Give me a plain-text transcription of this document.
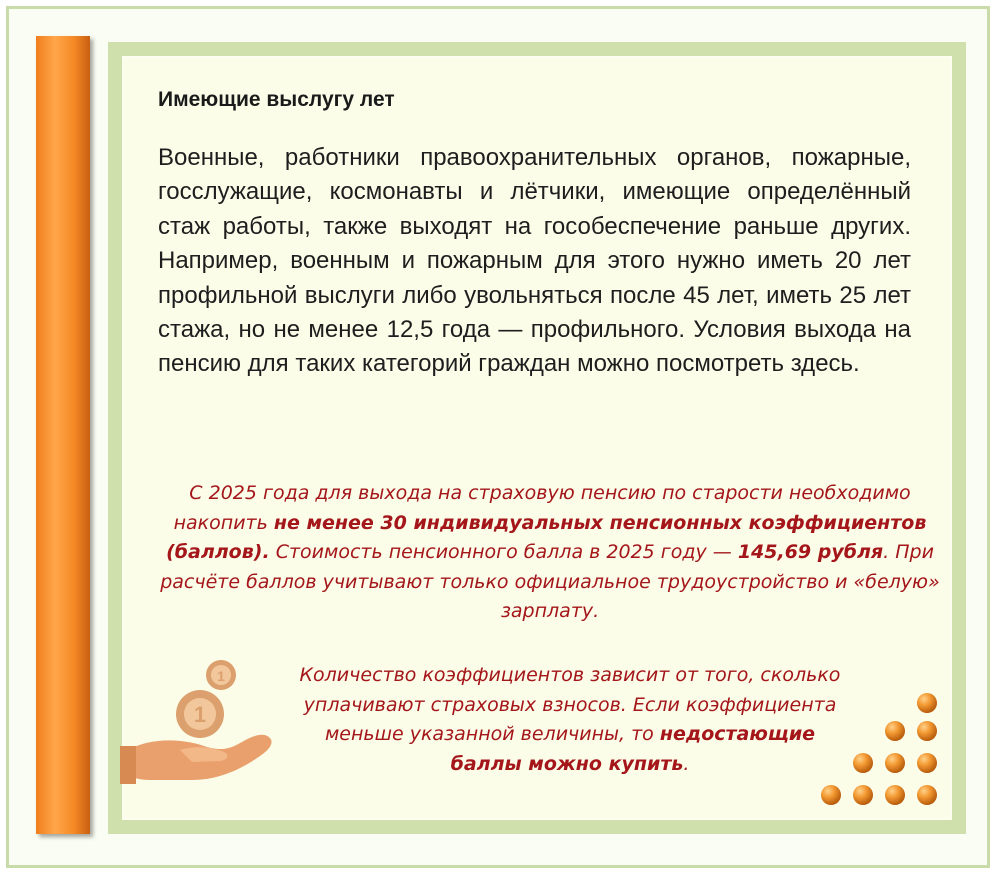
Имеющие выслугу лет

Военные, работники правоохранительных органов, пожарные, госслужащие, космонавты и лётчики, имеющие определённый стаж работы, также выходят на гособеспечение раньше других. Например, военным и пожарным для этого нужно иметь 20 лет профильной выслуги либо увольняться после 45 лет, иметь 25 лет стажа, но не менее 12,5 года — профильного. Условия выхода на пенсию для таких категорий граждан можно посмотреть здесь.

С 2025 года для выхода на страховую пенсию по старости необходимо накопить не менее 30 индивидуальных пенсионных коэффициентов (баллов). Стоимость пенсионного балла в 2025 году — 145,69 рубля. При расчёте баллов учитывают только официальное трудоустройство и «белую» зарплату.

Количество коэффициентов зависит от того, сколько уплачивают страховых взносов. Если коэффициента меньше указанной величины, то недостающие баллы можно купить.

1
1
